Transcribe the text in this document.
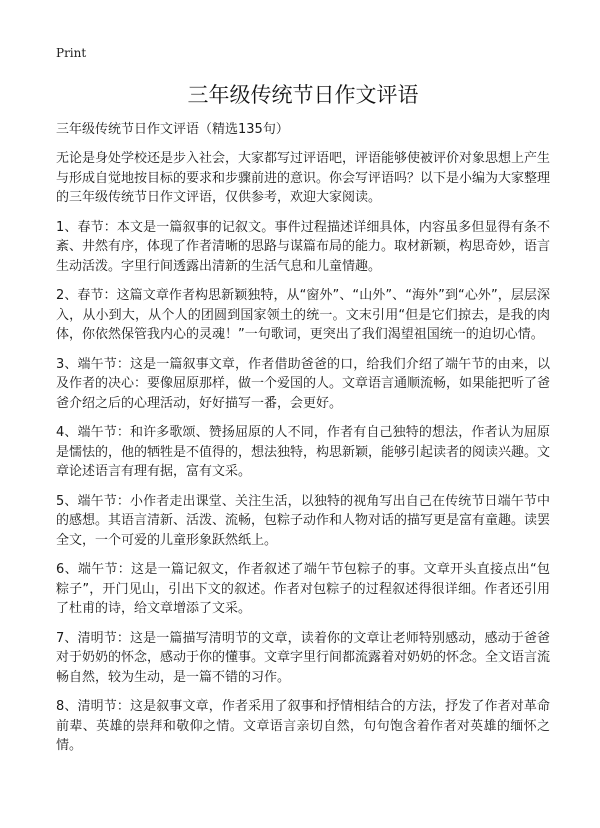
Print
三年级传统节日作文评语
三年级传统节日作文评语（精选135句）

无论是身处学校还是步入社会，大家都写过评语吧，评语能够使被评价对象思想上产生与形成自觉地按目标的要求和步骤前进的意识。你会写评语吗？以下是小编为大家整理的三年级传统节日作文评语，仅供参考，欢迎大家阅读。

1、春节：本文是一篇叙事的记叙文。事件过程描述详细具体，内容虽多但显得有条不紊、井然有序，体现了作者清晰的思路与谋篇布局的能力。取材新颖，构思奇妙，语言生动活泼。字里行间透露出清新的生活气息和儿童情趣。

2、春节：这篇文章作者构思新颖独特，从“窗外”、“山外”、“海外”到“心外”，层层深入，从小到大，从个人的团圆到国家领土的统一。文末引用“但是它们掠去，是我的肉体，你依然保管我内心的灵魂！”一句歌词，更突出了我们渴望祖国统一的迫切心情。

3、端午节：这是一篇叙事文章，作者借助爸爸的口，给我们介绍了端午节的由来，以及作者的决心：要像屈原那样，做一个爱国的人。文章语言通顺流畅，如果能把听了爸爸介绍之后的心理活动，好好描写一番，会更好。

4、端午节：和许多歌颂、赞扬屈原的人不同，作者有自己独特的想法，作者认为屈原是懦怯的，他的牺牲是不值得的，想法独特，构思新颖，能够引起读者的阅读兴趣。文章论述语言有理有据，富有文采。

5、端午节：小作者走出课堂、关注生活，以独特的视角写出自己在传统节日端午节中的感想。其语言清新、活泼、流畅，包粽子动作和人物对话的描写更是富有童趣。读罢全文，一个可爱的儿童形象跃然纸上。

6、端午节：这是一篇记叙文，作者叙述了端午节包粽子的事。文章开头直接点出“包粽子”，开门见山，引出下文的叙述。作者对包粽子的过程叙述得很详细。作者还引用了杜甫的诗，给文章增添了文采。

7、清明节：这是一篇描写清明节的文章，读着你的文章让老师特别感动，感动于爸爸对于奶奶的怀念，感动于你的懂事。文章字里行间都流露着对奶奶的怀念。全文语言流畅自然，较为生动，是一篇不错的习作。

8、清明节：这是叙事文章，作者采用了叙事和抒情相结合的方法，抒发了作者对革命前辈、英雄的崇拜和敬仰之情。文章语言亲切自然，句句饱含着作者对英雄的缅怀之情。
